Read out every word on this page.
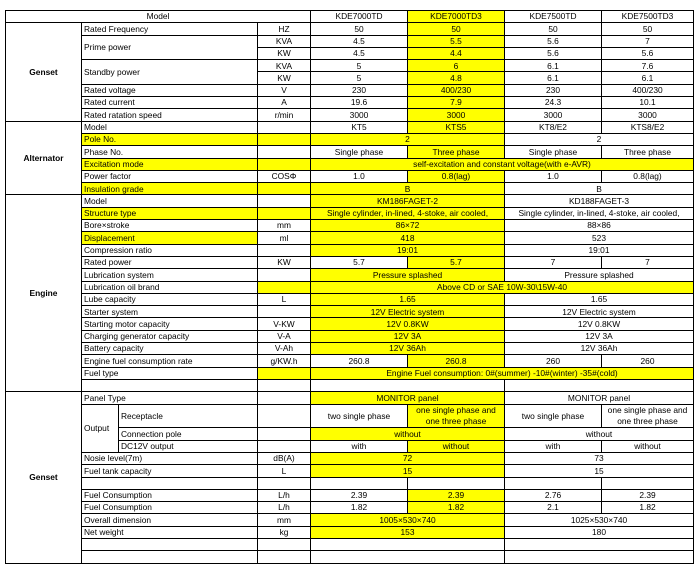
Model				KDE7000TD	KDE7000TD3	KDE7500TD	KDE7500TD3
Genset	Rated Frequency		HZ	50	50	50	50
	Prime power		KVA	4.5	5.5	5.6	7
			KW	4.5	4.4	5.6	5.6
	Standby power		KVA	5	6	6.1	7.6
			KW	5	4.8	6.1	6.1
	Rated voltage		V	230	400/230	230	400/230
	Rated current		A	19.6	7.9	24.3	10.1
	Rated ratation speed		r/min	3000	3000	3000	3000
Alternator	Model			KT5	KTS5	KT8/E2	KTS8/E2
	Pole No.			2		2	
	Phase No.			Single phase	Three phase	Single phase	Three phase
	Excitation mode			self-excitation and constant voltage(with e-AVR)			
	Power factor		COSΦ	1.0	0.8(lag)	1.0	0.8(lag)
	Insulation grade			B		B	
Engine	Model			KM186FAGET-2		KD188FAGET-3	
	Structure type			Single cylinder, in-lined, 4-stoke, air cooled,		Single cylinder, in-lined, 4-stoke, air cooled,	
	Bore×stroke		mm	86×72		88×86	
	Displacement		ml	418		523	
	Compression ratio			19:01		19:01	
	Rated power		KW	5.7	5.7	7	7
	Lubrication system			Pressure splashed		Pressure splashed	
	Lubrication oil brand			Above CD or SAE 10W-30\15W-40			
	Lube capacity		L	1.65		1.65	
	Starter system			12V Electric system		12V Electric system	
	Starting motor capacity		V-KW	12V 0.8KW		12V 0.8KW	
	Charging generator capacity		V-A	12V 3A		12V 3A	
	Battery capacity		V-Ah	12V 36Ah		12V 36Ah	
	Engine fuel consumption rate		g/KW.h	260.8	260.8	260	260
	Fuel type			Engine Fuel consumption: 0#(summer) -10#(winter) -35#(cold)			

Genset	Panel Type			MONITOR panel		MONITOR panel	
	Output	Receptacle		two single phase	one single phase and one three phase	two single phase	one single phase and one three phase

		Connection pole		without		without	
		DC12V output		with	without	with	without
	Nosie level(7m)		dB(A)	72		73	
	Fuel tank capacity		L	15		15	

	Fuel Consumption		L/h	2.39	2.39	2.76	2.39
	Fuel Consumption		L/h	1.82	1.82	2.1	1.82
	Overall dimension		mm	1005×530×740		1025×530×740	
	Net weight		kg	153		180	
